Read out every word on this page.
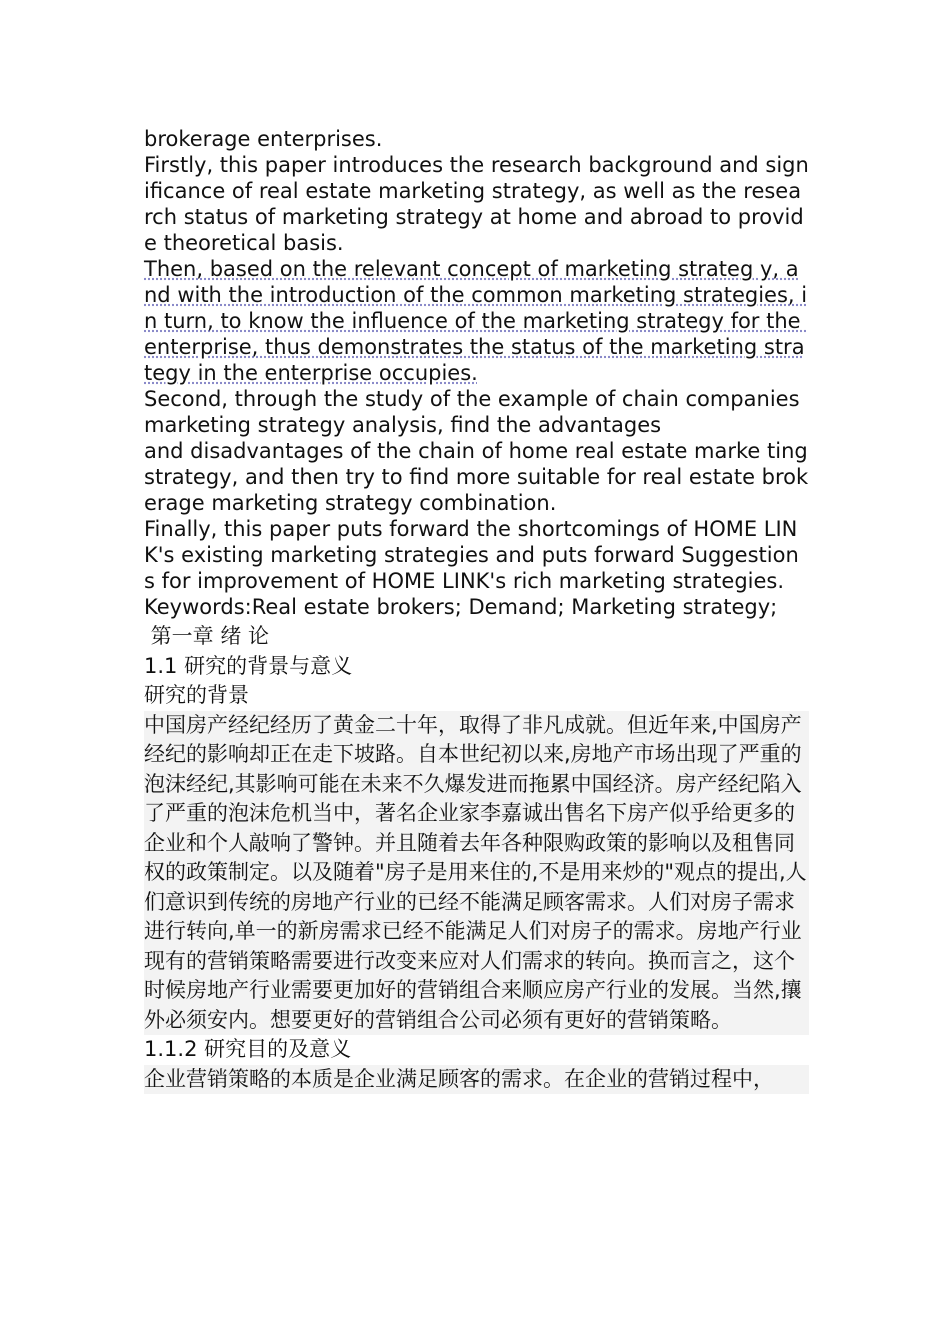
brokerage enterprises.

Firstly, this paper introduces the research background and significance of real estate marketing strategy, as well as the research status of marketing strategy at home and abroad to provide theoretical basis.

Then, based on the relevant concept of marketing strateg y, and with the introduction of the common marketing strategies, in turn, to know the influence of the marketing strategy for the enterprise, thus demonstrates the status of the marketing strategy in the enterprise occupies.

Second, through the study of the example of chain companies marketing strategy analysis, find the advantages
and disadvantages of the chain of home real estate marke ting strategy, and then try to find more suitable for real estate brokerage marketing strategy combination.

Finally, this paper puts forward the shortcomings of HOME LINK's existing marketing strategies and puts forward Suggestions for improvement of HOME LINK's rich marketing strategies.

Keywords:Real estate brokers; Demand; Marketing strategy;

第一章 绪 论

1.1 研究的背景与意义

研究的背景

中国房产经纪经历了黄金二十年，取得了非凡成就。但近年来,中国房产经纪的影响却正在走下坡路。自本世纪初以来,房地产市场出现了严重的泡沫经纪,其影响可能在未来不久爆发进而拖累中国经济。房产经纪陷入了严重的泡沫危机当中，著名企业家李嘉诚出售名下房产似乎给更多的企业和个人敲响了警钟。并且随着去年各种限购政策的影响以及租售同权的政策制定。以及随着"房子是用来住的,不是用来炒的"观点的提出,人们意识到传统的房地产行业的已经不能满足顾客需求。人们对房子需求进行转向,单一的新房需求已经不能满足人们对房子的需求。房地产行业现有的营销策略需要进行改变来应对人们需求的转向。换而言之，这个时候房地产行业需要更加好的营销组合来顺应房产行业的发展。当然,攘外必须安内。想要更好的营销组合公司必须有更好的营销策略。

1.1.2 研究目的及意义

企业营销策略的本质是企业满足顾客的需求。在企业的营销过程中，
